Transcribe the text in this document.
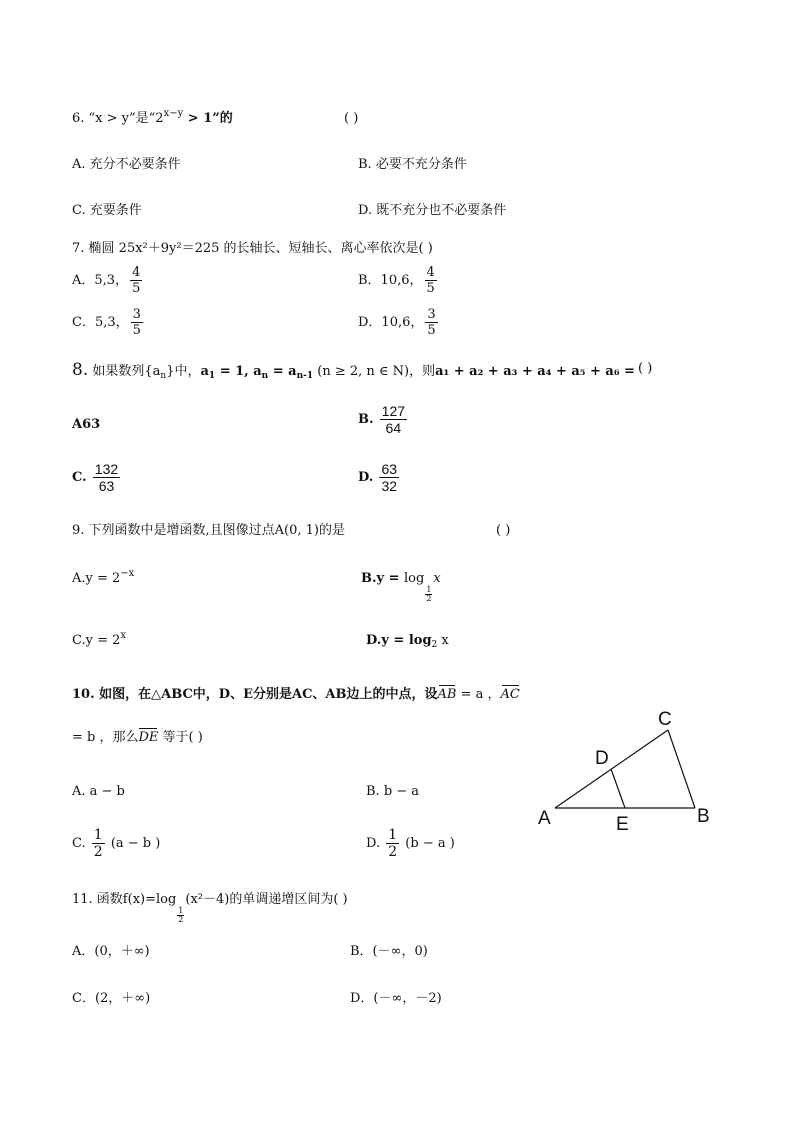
6. “x > y”是“$2^{x-y} > 1$”的	( )
A. 充分不必要条件	B. 必要不充分条件
C. 充要条件	D. 既不充分也不必要条件
7. 椭圆 25x²＋9y²＝225 的长轴长、短轴长、离心率依次是( )
A．5,3， $\frac{4}{5}$	B．10,6， $\frac{4}{5}$
C．5,3， $\frac{3}{5}$	D．10,6， $\frac{3}{5}$
8. 如果数列$\{a_n\}$中，$a_1 = 1$, $a_n = a_{n-1}$ (n ≥ 2, n ∈ N)，则a₁ + a₂ + a₃ + a₄ + a₅ + a₆ = ( )
A63	B. $\frac{127}{64}$
C. $\frac{132}{63}$	D. $\frac{63}{32}$
9. 下列函数中是增函数,且图像过点A(0, 1)的是	( )
$A.y = 2^{-x}$	B.y = log
$\frac{1}{2}$
x
$C.y = 2^x$	$D.y = \log_2 x$
10. 如图，在△ABC中，D、E分别是AC、AB边上的中点，设AB = a ，AC
= b ，那么DE 等于( )
A. a − b	B. b − a
C. $\frac{1}{2} (a - b$ )	D. $\frac{1}{2} (b - a$ )
C
D
A	E	B
11. 函数f(x)=log
$\frac{1}{2}$
(x²－4)的单调递增区间为( )
A．(0，＋∞)	B．(－∞，0)
C．(2，＋∞)	D．(－∞，－2)
